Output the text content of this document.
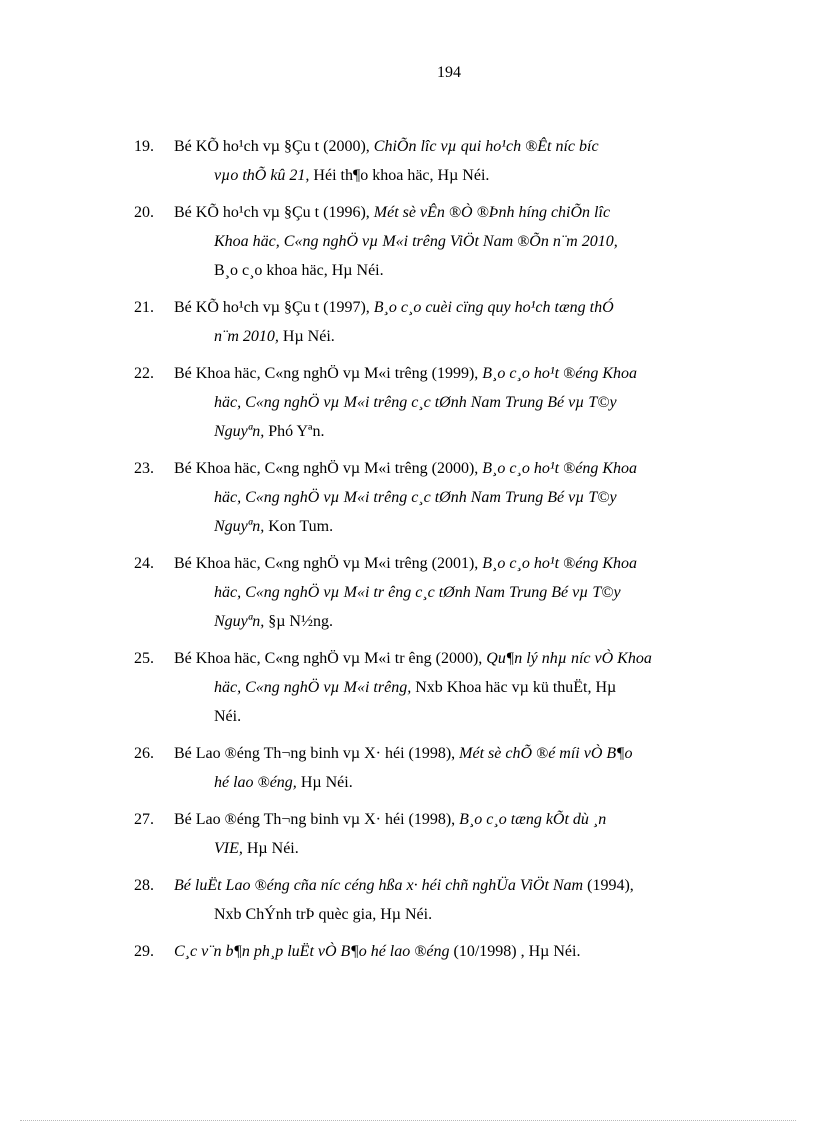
194
19. Bé KÕ ho¹ch vµ §Çu t (2000), ChiÕn lîc vµ qui ho¹ch ®Êt níc bíc
vµo thÕ kû 21, Héi th¶o khoa häc, Hµ Néi.
20. Bé KÕ ho¹ch vµ §Çu t (1996), Mét sè vÊn ®Ò ®Þnh híng chiÕn lîc
Khoa häc, C«ng nghÖ vµ M«i trêng ViÖt Nam ®Õn n¨m 2010,
B¸o c¸o khoa häc, Hµ Néi.
21. Bé KÕ ho¹ch vµ §Çu t (1997), B¸o c¸o cuèi cïng quy ho¹ch tæng thÓ
n¨m 2010, Hµ Néi.
22. Bé Khoa häc, C«ng nghÖ vµ M«i trêng (1999), B¸o c¸o ho¹t ®éng Khoa
häc, C«ng nghÖ vµ M«i trêng c¸c tØnh Nam Trung Bé vµ T©y
Nguyªn, Phó Yªn.
23. Bé Khoa häc, C«ng nghÖ vµ M«i trêng (2000), B¸o c¸o ho¹t ®éng Khoa
häc, C«ng nghÖ vµ M«i trêng c¸c tØnh Nam Trung Bé vµ T©y
Nguyªn, Kon Tum.
24. Bé Khoa häc, C«ng nghÖ vµ M«i trêng (2001), B¸o c¸o ho¹t ®éng Khoa
häc, C«ng nghÖ vµ M«i tr êng c¸c tØnh Nam Trung Bé vµ T©y
Nguyªn, §µ N½ng.
25. Bé Khoa häc, C«ng nghÖ vµ M«i tr êng (2000), Qu¶n lý nhµ níc vÒ Khoa
häc, C«ng nghÖ vµ M«i trêng, Nxb Khoa häc vµ kü thuËt, Hµ
Néi.
26. Bé Lao ®éng Th¬ng binh vµ X· héi (1998), Mét sè chÕ ®é míi vÒ B¶o
hé lao ®éng, Hµ Néi.
27. Bé Lao ®éng Th¬ng binh vµ X· héi (1998), B¸o c¸o tæng kÕt dù ¸n
VIE, Hµ Néi.
28. Bé luËt Lao ®éng cña níc céng hßa x· héi chñ nghÜa ViÖt Nam (1994),
Nxb ChÝnh trÞ quèc gia, Hµ Néi.
29. C¸c v¨n b¶n ph¸p luËt vÒ B¶o hé lao ®éng (10/1998) , Hµ Néi.
